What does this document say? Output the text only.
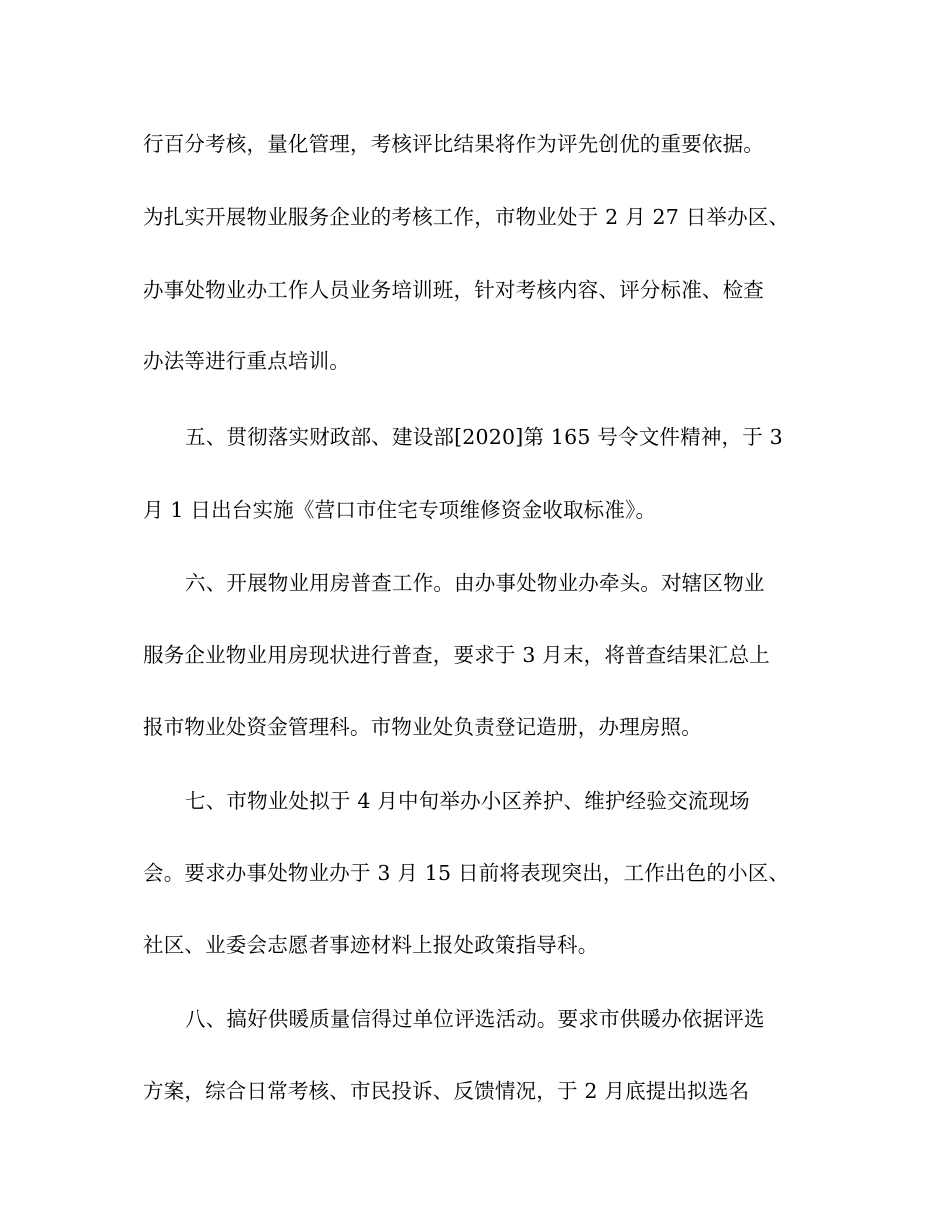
行百分考核，量化管理，考核评比结果将作为评先创优的重要依据。
为扎实开展物业服务企业的考核工作，市物业处于 2 月 27 日举办区、
办事处物业办工作人员业务培训班，针对考核内容、评分标准、检查
办法等进行重点培训。
五、贯彻落实财政部、建设部[2020]第 165 号令文件精神，于 3
月 1 日出台实施《营口市住宅专项维修资金收取标准》。
六、开展物业用房普查工作。由办事处物业办牵头。对辖区物业
服务企业物业用房现状进行普查，要求于 3 月末，将普查结果汇总上
报市物业处资金管理科。市物业处负责登记造册，办理房照。
七、市物业处拟于 4 月中旬举办小区养护、维护经验交流现场
会。要求办事处物业办于 3 月 15 日前将表现突出，工作出色的小区、
社区、业委会志愿者事迹材料上报处政策指导科。
八、搞好供暖质量信得过单位评选活动。要求市供暖办依据评选
方案，综合日常考核、市民投诉、反馈情况，于 2 月底提出拟选名
